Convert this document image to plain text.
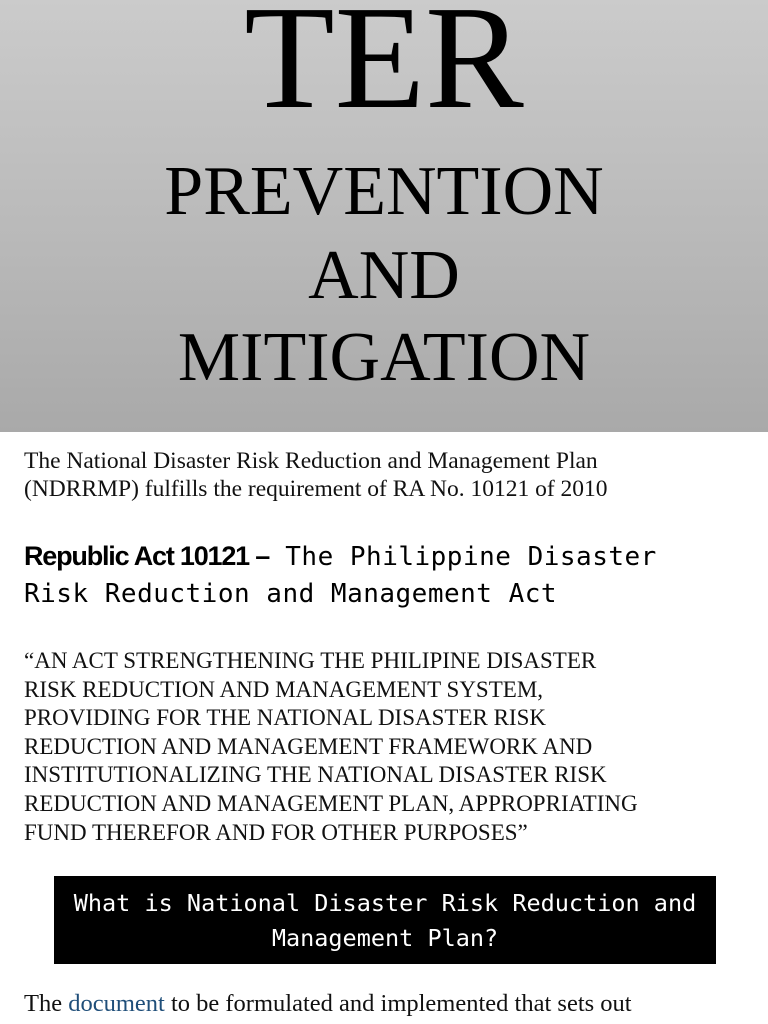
TER
PREVENTION
AND
MITIGATION
The National Disaster Risk Reduction and Management Plan
(NDRRMP) fulfills the requirement of RA No. 10121 of 2010
Republic Act 10121 – The Philippine Disaster
Risk Reduction and Management Act
“AN ACT STRENGTHENING THE PHILIPINE DISASTER
RISK REDUCTION AND MANAGEMENT SYSTEM,
PROVIDING FOR THE NATIONAL DISASTER RISK
REDUCTION AND MANAGEMENT FRAMEWORK AND
INSTITUTIONALIZING THE NATIONAL DISASTER RISK
REDUCTION AND MANAGEMENT PLAN, APPROPRIATING
FUND THEREFOR AND FOR OTHER PURPOSES”
What is National Disaster Risk Reduction and
Management Plan?
The document to be formulated and implemented that sets out
